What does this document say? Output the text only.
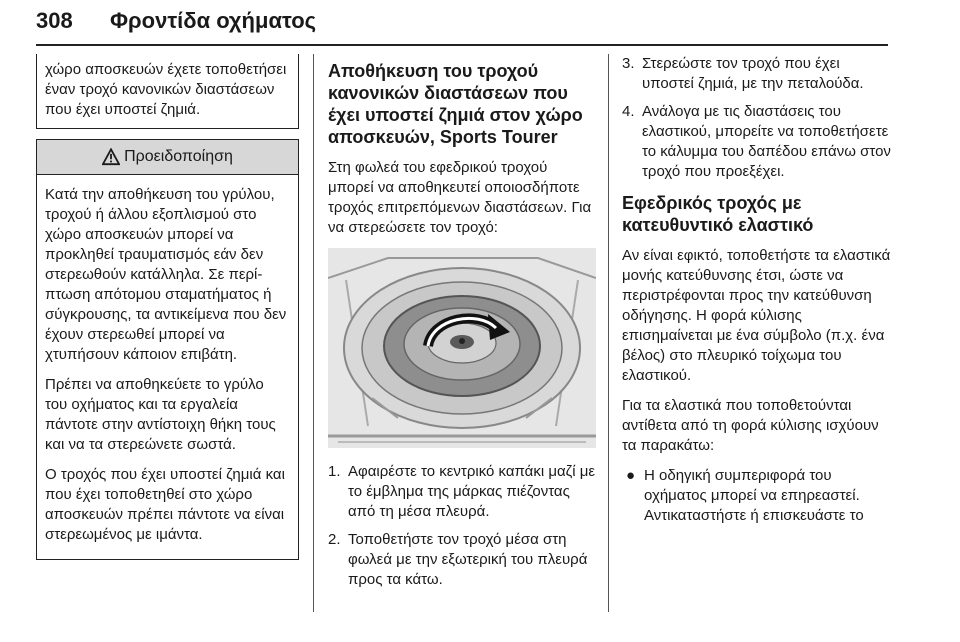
308 Φροντίδα οχήματος

χώρο αποσκευών έχετε τοποθετήσει έναν τροχό κανονικών διαστάσεων που έχει υποστεί ζημιά.

Προειδοποίηση

Κατά την αποθήκευση του γρύλου, τροχού ή άλλου εξοπλισμού στο χώρο αποσκευών μπορεί να προκληθεί τραυματισμός εάν δεν στερεωθούν κατάλληλα. Σε περίπτωση απότομου σταματήματος ή σύγκρουσης, τα αντικείμενα που δεν έχουν στερεωθεί μπορεί να χτυπήσουν κάποιον επιβάτη.

Πρέπει να αποθηκεύετε το γρύλο του οχήματος και τα εργαλεία πάντοτε στην αντίστοιχη θήκη τους και να τα στερεώνετε σωστά.

Ο τροχός που έχει υποστεί ζημιά και που έχει τοποθετηθεί στο χώρο αποσκευών πρέπει πάντοτε να είναι στερεωμένος με ιμάντα.

Αποθήκευση του τροχού κανονικών διαστάσεων που έχει υποστεί ζημιά στον χώρο αποσκευών, Sports Tourer

Στη φωλεά του εφεδρικού τροχού μπορεί να αποθηκευτεί οποιοσδήποτε τροχός επιτρεπόμενων διαστάσεων. Για να στερεώσετε τον τροχό:

1. Αφαιρέστε το κεντρικό καπάκι μαζί με το έμβλημα της μάρκας πιέζοντας από τη μέσα πλευρά.
2. Τοποθετήστε τον τροχό μέσα στη φωλεά με την εξωτερική του πλευρά προς τα κάτω.
3. Στερεώστε τον τροχό που έχει υποστεί ζημιά, με την πεταλούδα.
4. Ανάλογα με τις διαστάσεις του ελαστικού, μπορείτε να τοποθετήσετε το κάλυμμα του δαπέδου επάνω στον τροχό που προεξέχει.
Εφεδρικός τροχός με κατευθυντικό ελαστικό

Αν είναι εφικτό, τοποθετήστε τα ελαστικά μονής κατεύθυνσης έτσι, ώστε να περιστρέφονται προς την κατεύθυνση οδήγησης. Η φορά κύλισης επισημαίνεται με ένα σύμβολο (π.χ. ένα βέλος) στο πλευρικό τοίχωμα του ελαστικού.

Για τα ελαστικά που τοποθετούνται αντίθετα από τη φορά κύλισης ισχύουν τα παρακάτω:

● Η οδηγική συμπεριφορά του οχήματος μπορεί να επηρεαστεί. Αντικαταστήστε ή επισκευάστε το
